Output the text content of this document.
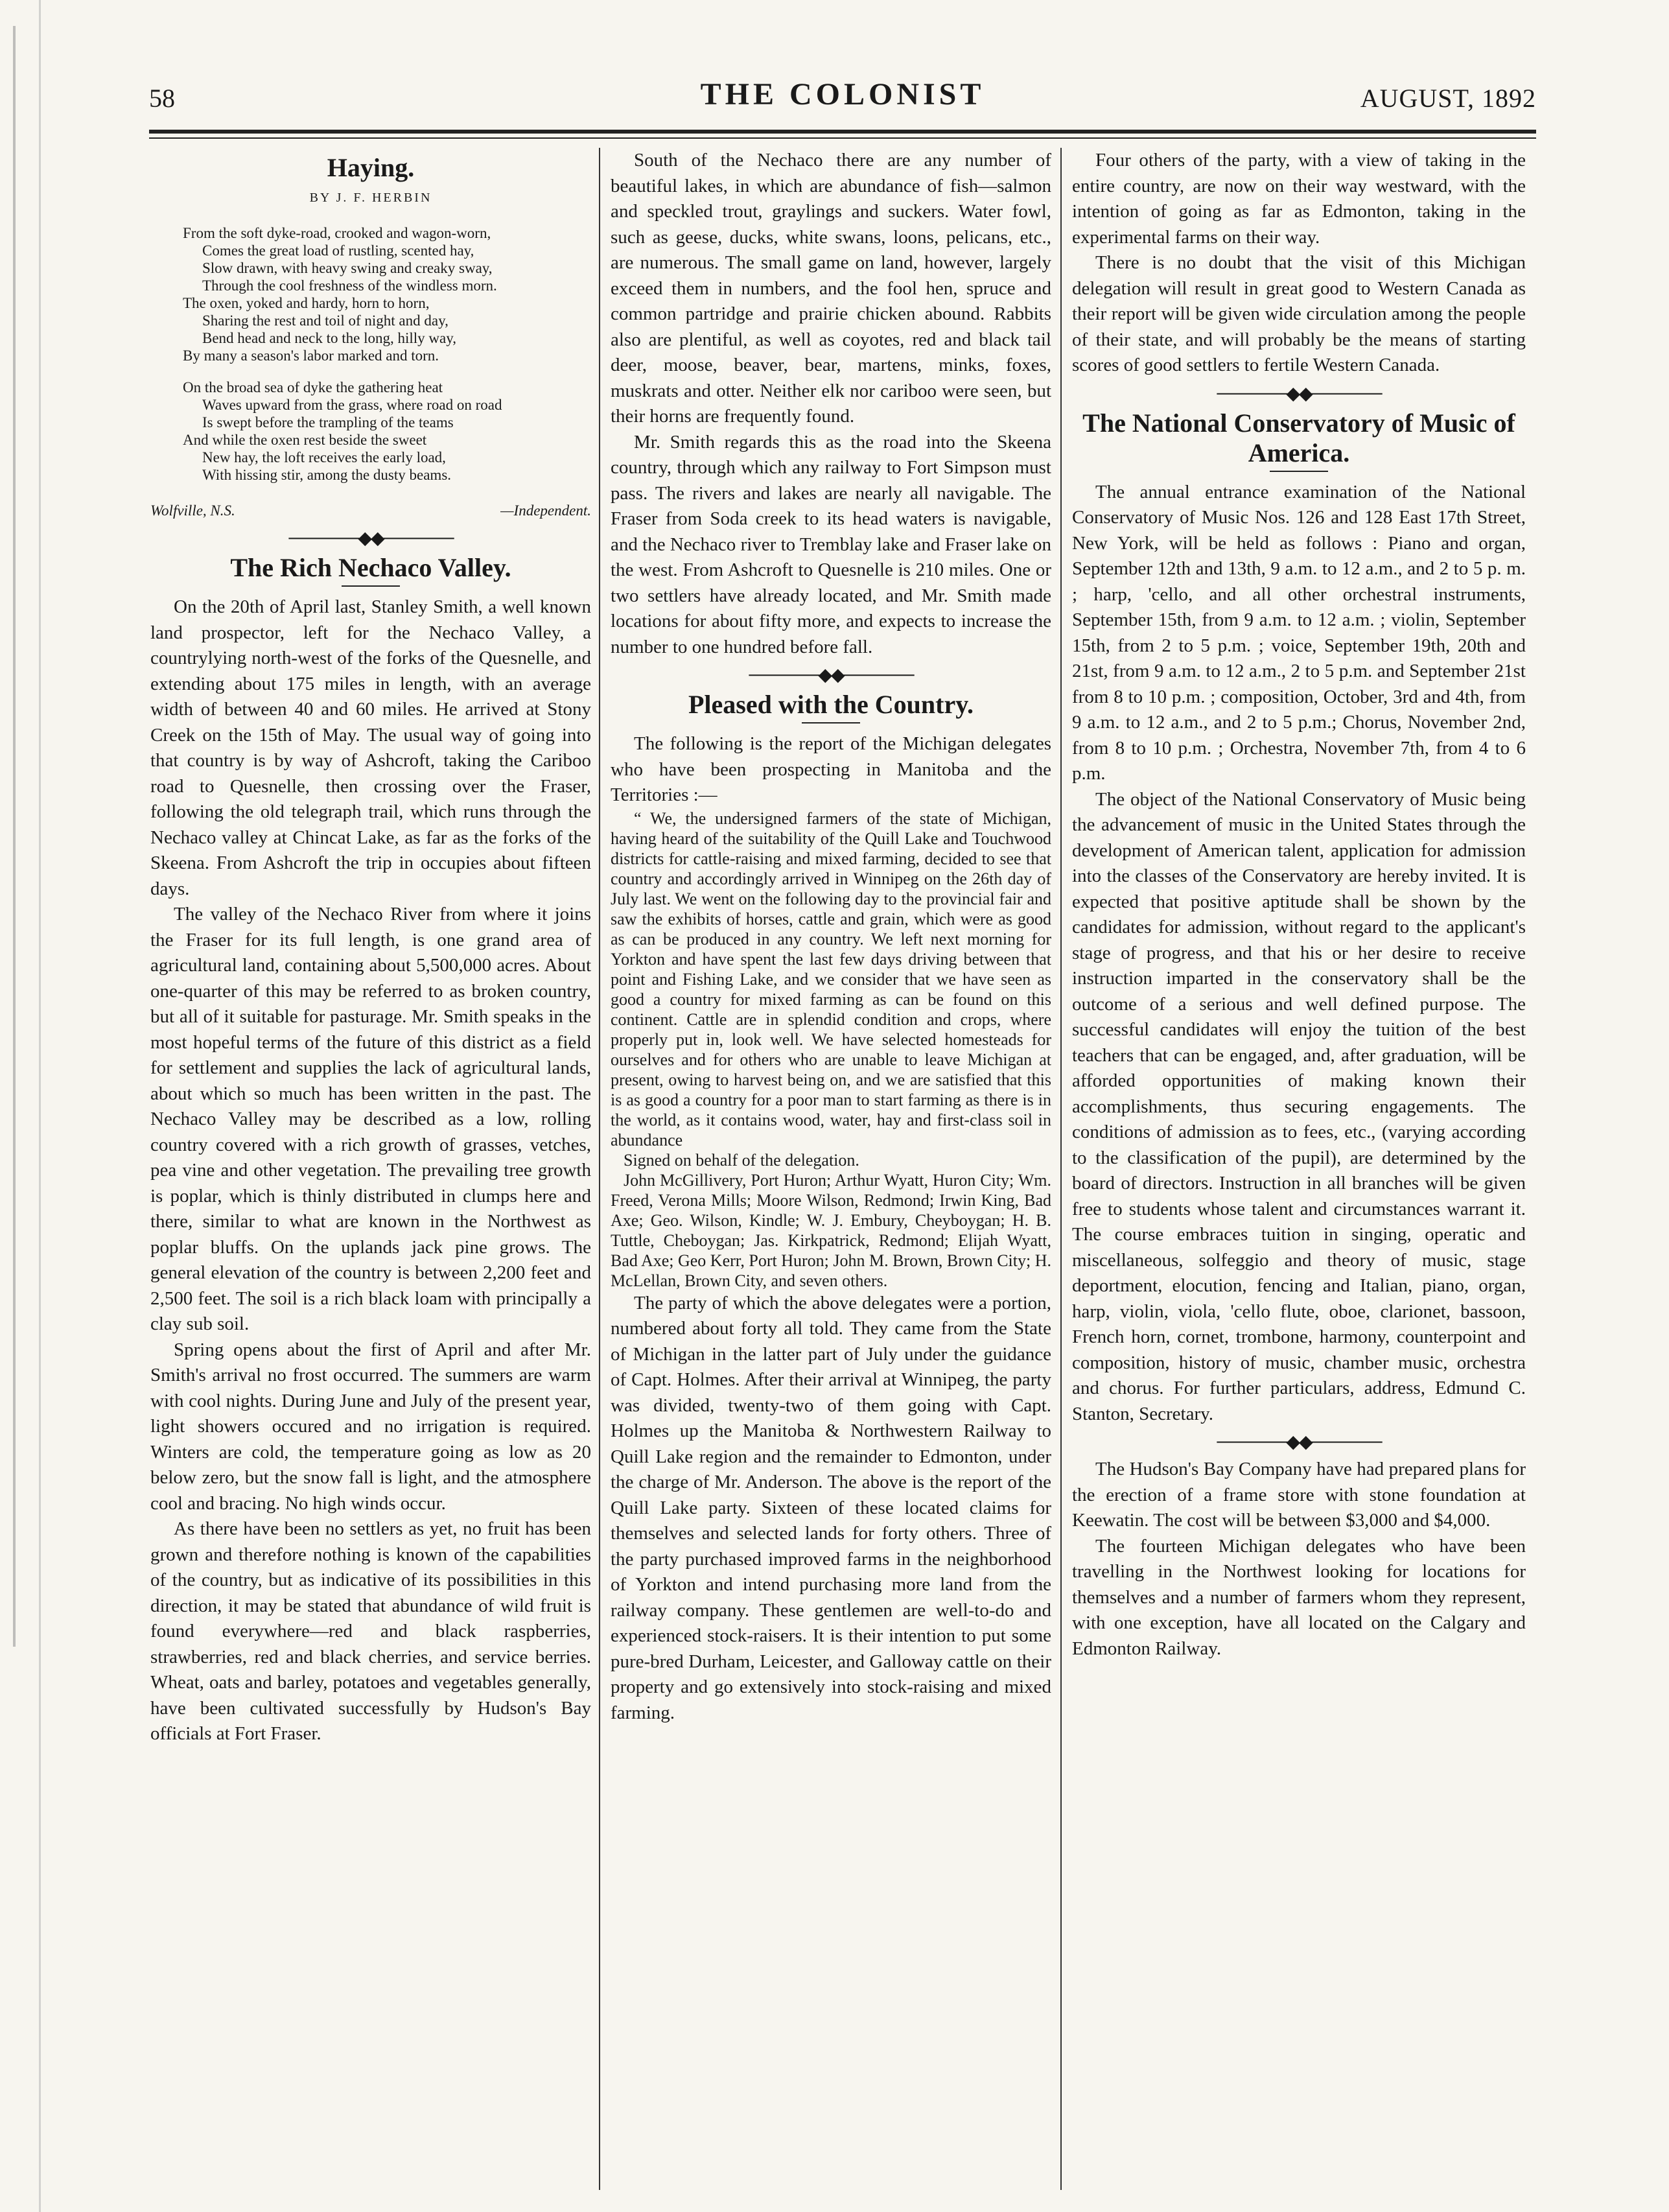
58	THE COLONIST	AUGUST, 1892
Haying.
BY J. F. HERBIN

From the soft dyke-road, crooked and wagon-worn,
Comes the great load of rustling, scented hay,
Slow drawn, with heavy swing and creaky sway,
Through the cool freshness of the windless morn.
The oxen, yoked and hardy, horn to horn,
Sharing the rest and toil of night and day,
Bend head and neck to the long, hilly way,
By many a season's labor marked and torn.

On the broad sea of dyke the gathering heat
Waves upward from the grass, where road on road
Is swept before the trampling of the teams
And while the oxen rest beside the sweet
New hay, the loft receives the early load,
With hissing stir, among the dusty beams.

Wolfville, N.S.	—Independent.
──────◆◆──────
The Rich Nechaco Valley.

On the 20th of April last, Stanley Smith, a well known land prospector, left for the Nechaco Valley, a countrylying north-west of the forks of the Quesnelle, and extending about 175 miles in length, with an average width of between 40 and 60 miles. He arrived at Stony Creek on the 15th of May. The usual way of going into that country is by way of Ashcroft, taking the Cariboo road to Quesnelle, then crossing over the Fraser, following the old telegraph trail, which runs through the Nechaco valley at Chincat Lake, as far as the forks of the Skeena. From Ashcroft the trip in occupies about fifteen days.

The valley of the Nechaco River from where it joins the Fraser for its full length, is one grand area of agricultural land, containing about 5,500,000 acres. About one-quarter of this may be referred to as broken country, but all of it suitable for pasturage. Mr. Smith speaks in the most hopeful terms of the future of this district as a field for settlement and supplies the lack of agricultural lands, about which so much has been written in the past. The Nechaco Valley may be described as a low, rolling country covered with a rich growth of grasses, vetches, pea vine and other vegetation. The prevailing tree growth is poplar, which is thinly distributed in clumps here and there, similar to what are known in the Northwest as poplar bluffs. On the uplands jack pine grows. The general elevation of the country is between 2,200 feet and 2,500 feet. The soil is a rich black loam with principally a clay sub soil.

Spring opens about the first of April and after Mr. Smith's arrival no frost occurred. The summers are warm with cool nights. During June and July of the present year, light showers occured and no irrigation is required. Winters are cold, the temperature going as low as 20 below zero, but the snow fall is light, and the atmosphere cool and bracing. No high winds occur.

As there have been no settlers as yet, no fruit has been grown and therefore nothing is known of the capabilities of the country, but as indicative of its possibilities in this direction, it may be stated that abundance of wild fruit is found everywhere—red and black raspberries, strawberries, red and black cherries, and service berries. Wheat, oats and barley, potatoes and vegetables generally, have been cultivated successfully by Hudson's Bay officials at Fort Fraser.

South of the Nechaco there are any number of beautiful lakes, in which are abundance of fish—salmon and speckled trout, graylings and suckers. Water fowl, such as geese, ducks, white swans, loons, pelicans, etc., are numerous. The small game on land, however, largely exceed them in numbers, and the fool hen, spruce and common partridge and prairie chicken abound. Rabbits also are plentiful, as well as coyotes, red and black tail deer, moose, beaver, bear, martens, minks, foxes, muskrats and otter. Neither elk nor cariboo were seen, but their horns are frequently found.

Mr. Smith regards this as the road into the Skeena country, through which any railway to Fort Simpson must pass. The rivers and lakes are nearly all navigable. The Fraser from Soda creek to its head waters is navigable, and the Nechaco river to Tremblay lake and Fraser lake on the west. From Ashcroft to Quesnelle is 210 miles. One or two settlers have already located, and Mr. Smith made locations for about fifty more, and expects to increase the number to one hundred before fall.

──────◆◆──────
Pleased with the Country.

The following is the report of the Michigan delegates who have been prospecting in Manitoba and the Territories :—

“ We, the undersigned farmers of the state of Michigan, having heard of the suitability of the Quill Lake and Touchwood districts for cattle-raising and mixed farming, decided to see that country and accordingly arrived in Winnipeg on the 26th day of July last. We went on the following day to the provincial fair and saw the exhibits of horses, cattle and grain, which were as good as can be produced in any country. We left next morning for Yorkton and have spent the last few days driving between that point and Fishing Lake, and we consider that we have seen as good a country for mixed farming as can be found on this continent. Cattle are in splendid condition and crops, where properly put in, look well. We have selected homesteads for ourselves and for others who are unable to leave Michigan at present, owing to harvest being on, and we are satisfied that this is as good a country for a poor man to start farming as there is in the world, as it contains wood, water, hay and first-class soil in abundance

Signed on behalf of the delegation.

John McGillivery, Port Huron; Arthur Wyatt, Huron City; Wm. Freed, Verona Mills; Moore Wilson, Redmond; Irwin King, Bad Axe; Geo. Wilson, Kindle; W. J. Embury, Cheyboygan; H. B. Tuttle, Cheboygan; Jas. Kirkpatrick, Redmond; Elijah Wyatt, Bad Axe; Geo Kerr, Port Huron; John M. Brown, Brown City; H. McLellan, Brown City, and seven others.

The party of which the above delegates were a portion, numbered about forty all told. They came from the State of Michigan in the latter part of July under the guidance of Capt. Holmes. After their arrival at Winnipeg, the party was divided, twenty-two of them going with Capt. Holmes up the Manitoba & Northwestern Railway to Quill Lake region and the remainder to Edmonton, under the charge of Mr. Anderson. The above is the report of the Quill Lake party. Sixteen of these located claims for themselves and selected lands for forty others. Three of the party purchased improved farms in the neighborhood of Yorkton and intend purchasing more land from the railway company. These gentlemen are well-to-do and experienced stock-raisers. It is their intention to put some pure-bred Durham, Leicester, and Galloway cattle on their property and go extensively into stock-raising and mixed farming.

Four others of the party, with a view of taking in the entire country, are now on their way westward, with the intention of going as far as Edmonton, taking in the experimental farms on their way.

There is no doubt that the visit of this Michigan delegation will result in great good to Western Canada as their report will be given wide circulation among the people of their state, and will probably be the means of starting scores of good settlers to fertile Western Canada.

──────◆◆──────
The National Conservatory of Music of America.

The annual entrance examination of the National Conservatory of Music Nos. 126 and 128 East 17th Street, New York, will be held as follows : Piano and organ, September 12th and 13th, 9 a.m. to 12 a.m., and 2 to 5 p. m. ; harp, 'cello, and all other orchestral instruments, September 15th, from 9 a.m. to 12 a.m. ; violin, September 15th, from 2 to 5 p.m. ; voice, September 19th, 20th and 21st, from 9 a.m. to 12 a.m., 2 to 5 p.m. and September 21st from 8 to 10 p.m. ; composition, October, 3rd and 4th, from 9 a.m. to 12 a.m., and 2 to 5 p.m.; Chorus, November 2nd, from 8 to 10 p.m. ; Orchestra, November 7th, from 4 to 6 p.m.

The object of the National Conservatory of Music being the advancement of music in the United States through the development of American talent, application for admission into the classes of the Conservatory are hereby invited. It is expected that positive aptitude shall be shown by the candidates for admission, without regard to the applicant's stage of progress, and that his or her desire to receive instruction imparted in the conservatory shall be the outcome of a serious and well defined purpose. The successful candidates will enjoy the tuition of the best teachers that can be engaged, and, after graduation, will be afforded opportunities of making known their accomplishments, thus securing engagements. The conditions of admission as to fees, etc., (varying according to the classification of the pupil), are determined by the board of directors. Instruction in all branches will be given free to students whose talent and circumstances warrant it. The course embraces tuition in singing, operatic and miscellaneous, solfeggio and theory of music, stage deportment, elocution, fencing and Italian, piano, organ, harp, violin, viola, 'cello flute, oboe, clarionet, bassoon, French horn, cornet, trombone, harmony, counterpoint and composition, history of music, chamber music, orchestra and chorus. For further particulars, address, Edmund C. Stanton, Secretary.

──────◆◆──────

The Hudson's Bay Company have had prepared plans for the erection of a frame store with stone foundation at Keewatin. The cost will be between $3,000 and $4,000.

The fourteen Michigan delegates who have been travelling in the Northwest looking for locations for themselves and a number of farmers whom they represent, with one exception, have all located on the Calgary and Edmonton Railway.
